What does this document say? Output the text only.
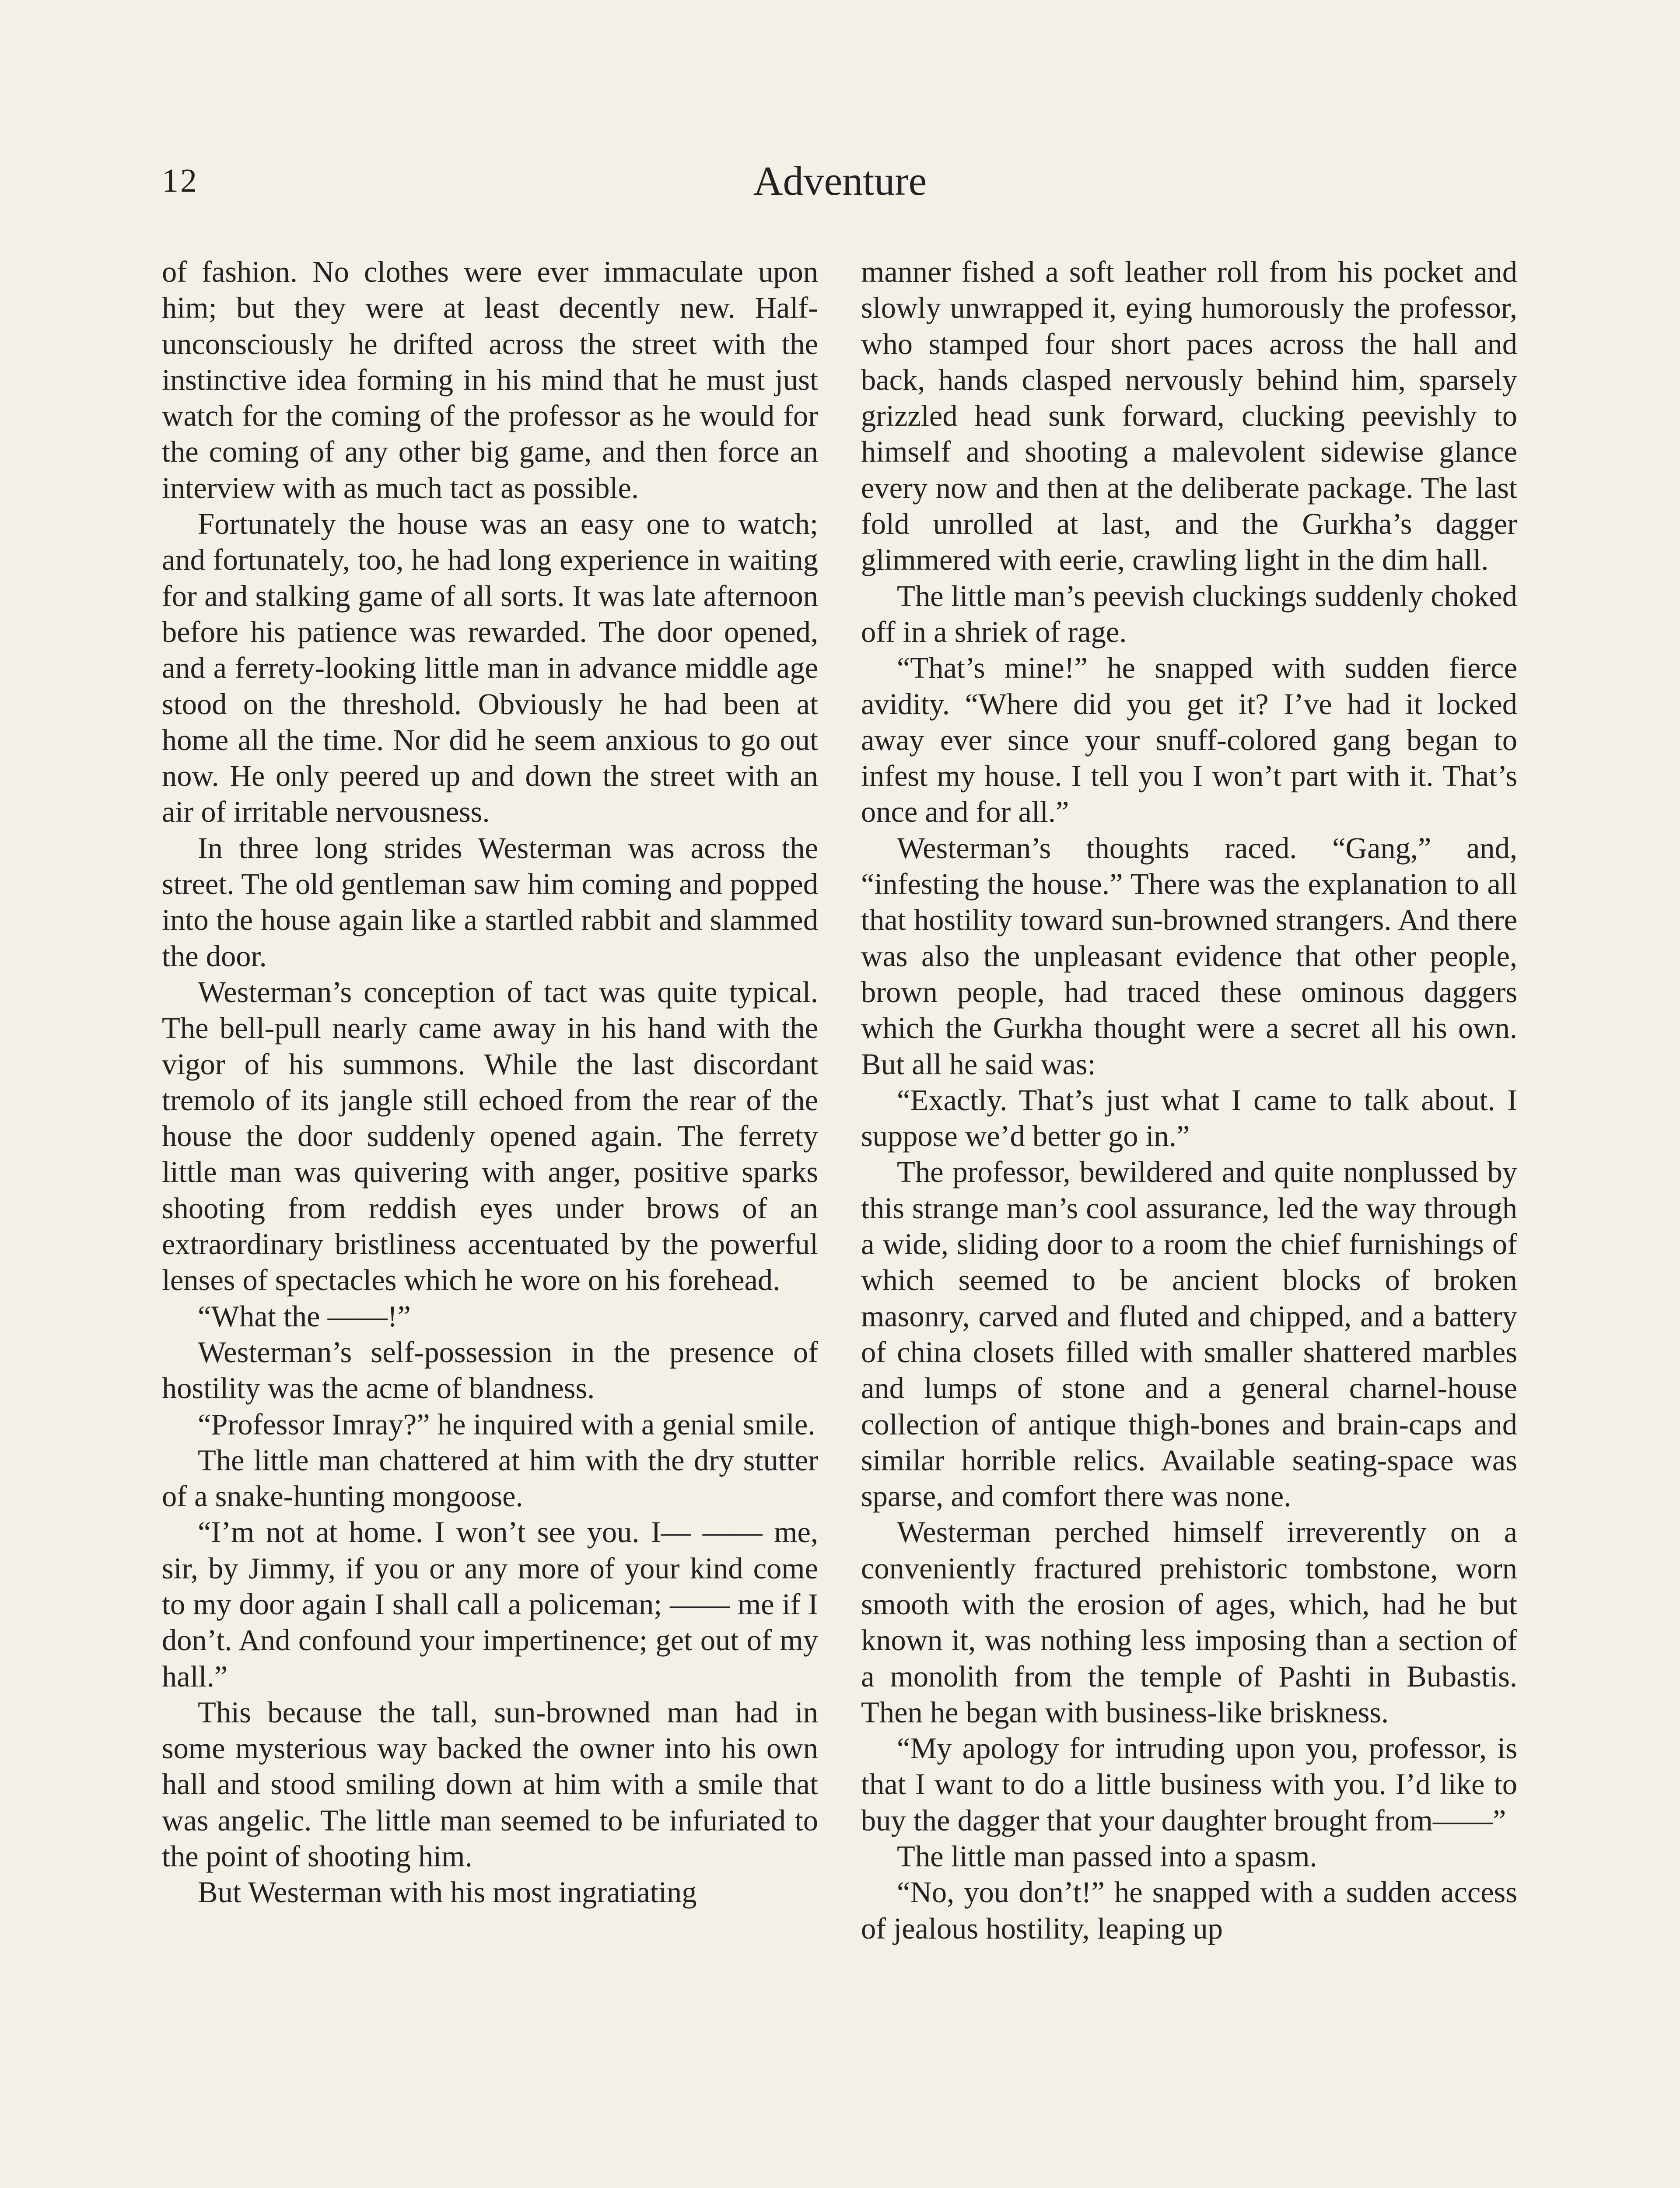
12	Adventure

of fashion. No clothes were ever immaculate upon him; but they were at least decently new. Half-unconsciously he drifted across the street with the instinctive idea forming in his mind that he must just watch for the coming of the professor as he would for the coming of any other big game, and then force an interview with as much tact as possible.

Fortunately the house was an easy one to watch; and fortunately, too, he had long experience in waiting for and stalking game of all sorts. It was late afternoon before his patience was rewarded. The door opened, and a ferrety-looking little man in advance middle age stood on the threshold. Obviously he had been at home all the time. Nor did he seem anxious to go out now. He only peered up and down the street with an air of irritable nervousness.

In three long strides Westerman was across the street. The old gentleman saw him coming and popped into the house again like a startled rabbit and slammed the door.

Westerman’s conception of tact was quite typical. The bell-pull nearly came away in his hand with the vigor of his summons. While the last discordant tremolo of its jangle still echoed from the rear of the house the door suddenly opened again. The ferrety little man was quivering with anger, positive sparks shooting from reddish eyes under brows of an extraordinary bristliness accentuated by the powerful lenses of spectacles which he wore on his forehead.

“What the ——!”

Westerman’s self-possession in the presence of hostility was the acme of blandness.

“Professor Imray?” he inquired with a genial smile.

The little man chattered at him with the dry stutter of a snake-hunting mongoose.

“I’m not at home. I won’t see you. I— —— me, sir, by Jimmy, if you or any more of your kind come to my door again I shall call a policeman; —— me if I don’t. And confound your impertinence; get out of my hall.”

This because the tall, sun-browned man had in some mysterious way backed the owner into his own hall and stood smiling down at him with a smile that was angelic. The little man seemed to be infuriated to the point of shooting him.

But Westerman with his most ingratiating

manner fished a soft leather roll from his pocket and slowly unwrapped it, eying humorously the professor, who stamped four short paces across the hall and back, hands clasped nervously behind him, sparsely grizzled head sunk forward, clucking peevishly to himself and shooting a malevolent sidewise glance every now and then at the deliberate package. The last fold unrolled at last, and the Gurkha’s dagger glimmered with eerie, crawling light in the dim hall.

The little man’s peevish cluckings suddenly choked off in a shriek of rage.

“That’s mine!” he snapped with sudden fierce avidity. “Where did you get it? I’ve had it locked away ever since your snuff-colored gang began to infest my house. I tell you I won’t part with it. That’s once and for all.”

Westerman’s thoughts raced. “Gang,” and, “infesting the house.” There was the explanation to all that hostility toward sun-browned strangers. And there was also the unpleasant evidence that other people, brown people, had traced these ominous daggers which the Gurkha thought were a secret all his own. But all he said was:

“Exactly. That’s just what I came to talk about. I suppose we’d better go in.”

The professor, bewildered and quite nonplussed by this strange man’s cool assurance, led the way through a wide, sliding door to a room the chief furnishings of which seemed to be ancient blocks of broken masonry, carved and fluted and chipped, and a battery of china closets filled with smaller shattered marbles and lumps of stone and a general charnel-house collection of antique thigh-bones and brain-caps and similar horrible relics. Available seating-space was sparse, and comfort there was none.

Westerman perched himself irreverently on a conveniently fractured prehistoric tombstone, worn smooth with the erosion of ages, which, had he but known it, was nothing less imposing than a section of a monolith from the temple of Pashti in Bubastis. Then he began with business-like briskness.

“My apology for intruding upon you, professor, is that I want to do a little business with you. I’d like to buy the dagger that your daughter brought from——”

The little man passed into a spasm.

“No, you don’t!” he snapped with a sudden access of jealous hostility, leaping up
